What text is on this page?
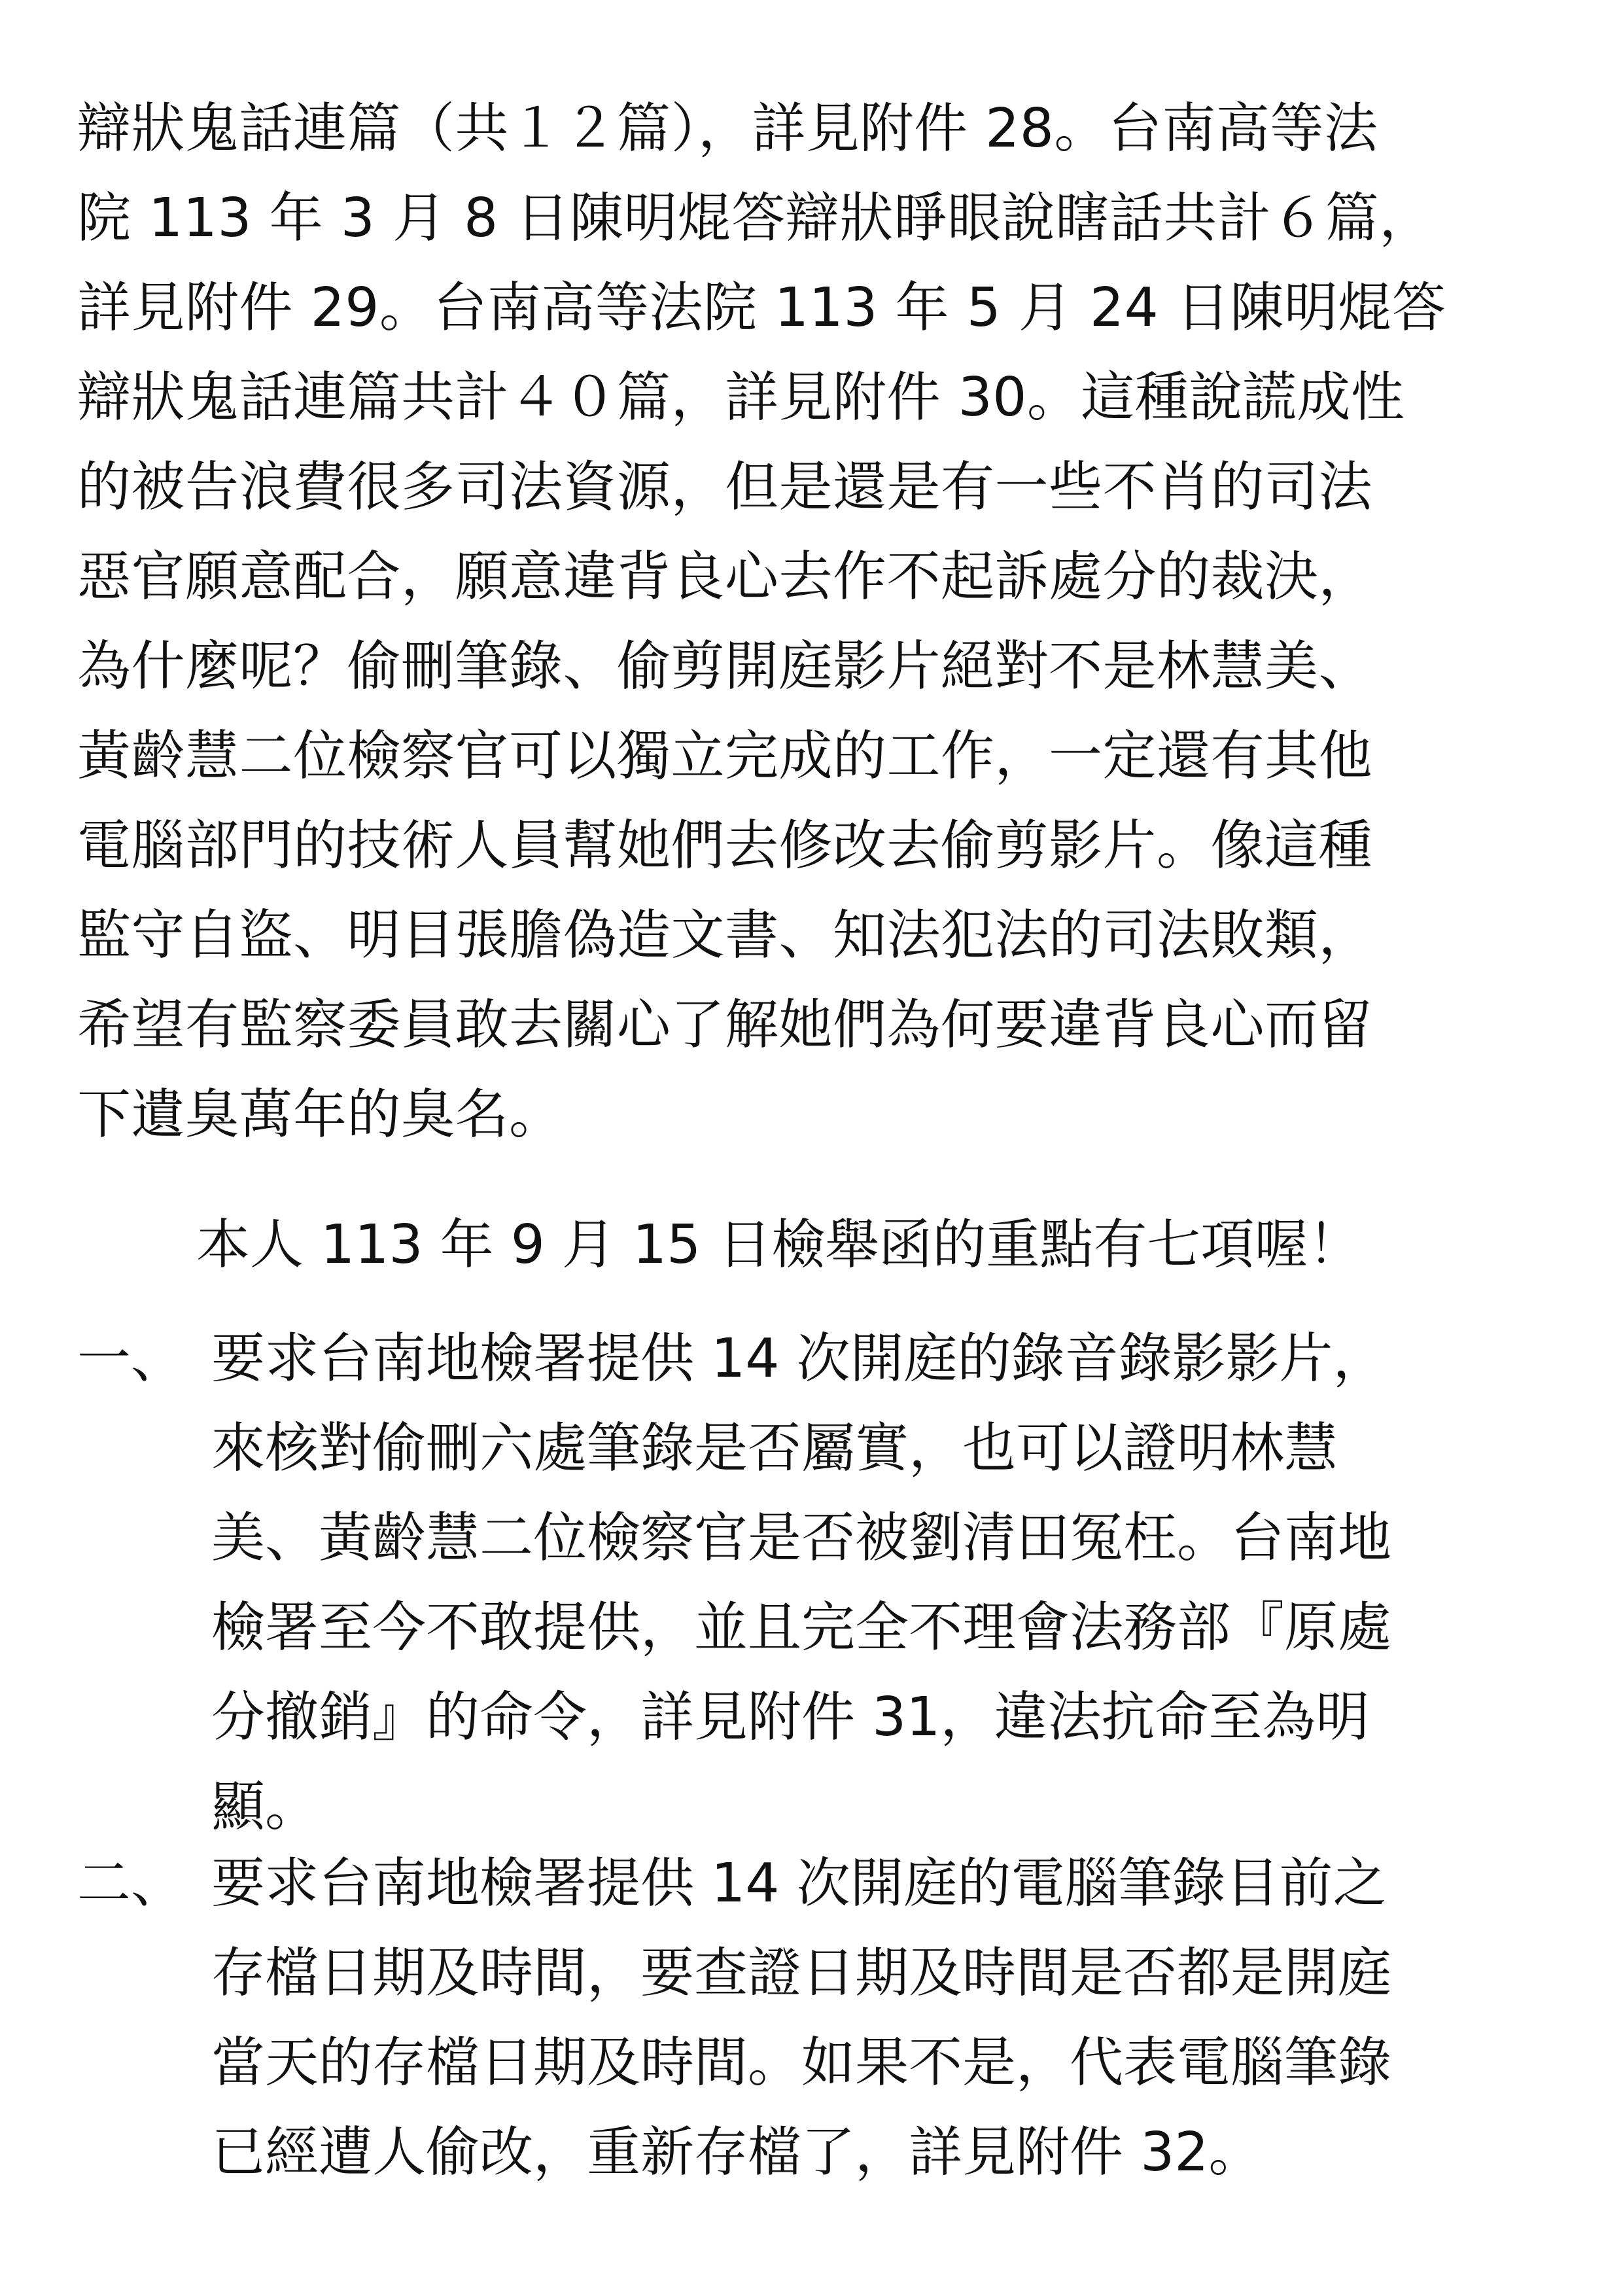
辯狀鬼話連篇（共１２篇），詳見附件 28。台南高等法
院 113 年 3 月 8 日陳明焜答辯狀睜眼說瞎話共計６篇，
詳見附件 29。台南高等法院 113 年 5 月 24 日陳明焜答
辯狀鬼話連篇共計４０篇，詳見附件 30。這種說謊成性
的被告浪費很多司法資源，但是還是有一些不肖的司法
惡官願意配合，願意違背良心去作不起訴處分的裁決，
為什麼呢？偷刪筆錄、偷剪開庭影片絕對不是林慧美、
黃齡慧二位檢察官可以獨立完成的工作，一定還有其他
電腦部門的技術人員幫她們去修改去偷剪影片。像這種
監守自盜、明目張膽偽造文書、知法犯法的司法敗類，
希望有監察委員敢去關心了解她們為何要違背良心而留
下遺臭萬年的臭名。
本人 113 年 9 月 15 日檢舉函的重點有七項喔！
一、 要求台南地檢署提供 14 次開庭的錄音錄影影片，
來核對偷刪六處筆錄是否屬實，也可以證明林慧
美、黃齡慧二位檢察官是否被劉清田冤枉。台南地
檢署至今不敢提供，並且完全不理會法務部『原處
分撤銷』的命令，詳見附件 31，違法抗命至為明
顯。
二、 要求台南地檢署提供 14 次開庭的電腦筆錄目前之
存檔日期及時間，要查證日期及時間是否都是開庭
當天的存檔日期及時間。如果不是，代表電腦筆錄
已經遭人偷改，重新存檔了，詳見附件 32。
